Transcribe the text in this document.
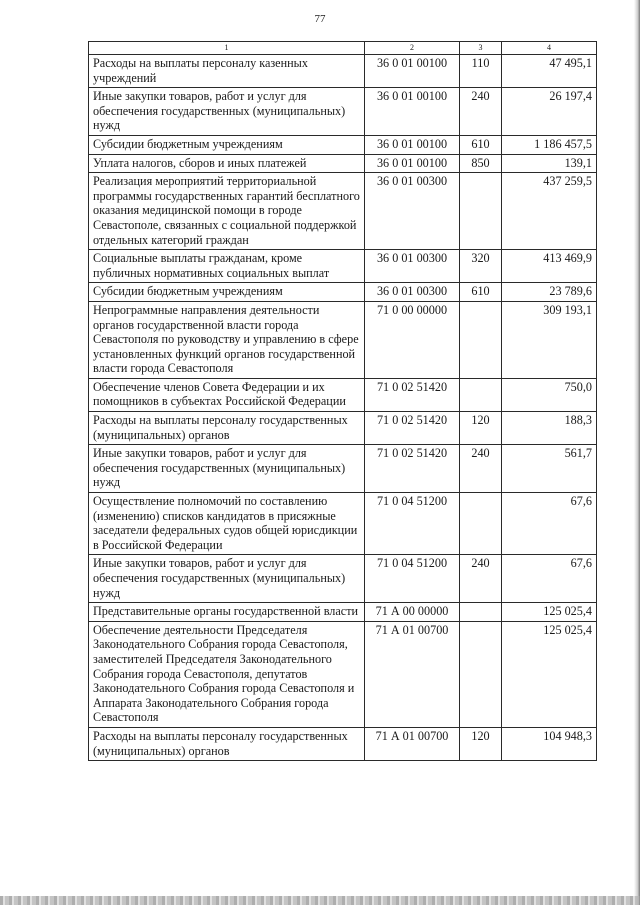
77
1	2	3	4
Расходы на выплаты персоналу казенных учреждений	36 0 01 00100	110	47 495,1
Иные закупки товаров, работ и услуг для обеспечения государственных (муниципальных) нужд	36 0 01 00100	240	26 197,4
Субсидии бюджетным учреждениям	36 0 01 00100	610	1 186 457,5
Уплата налогов, сборов и иных платежей	36 0 01 00100	850	139,1
Реализация мероприятий территориальной программы государственных гарантий бесплатного оказания медицинской помощи в городе Севастополе, связанных с социальной поддержкой отдельных категорий граждан	36 0 01 00300		437 259,5
Социальные выплаты гражданам, кроме публичных нормативных социальных выплат	36 0 01 00300	320	413 469,9
Субсидии бюджетным учреждениям	36 0 01 00300	610	23 789,6
Непрограммные направления деятельности органов государственной власти города Севастополя по руководству и управлению в сфере установленных функций органов государственной власти города Севастополя	71 0 00 00000		309 193,1
Обеспечение членов Совета Федерации и их помощников в субъектах Российской Федерации	71 0 02 51420		750,0
Расходы на выплаты персоналу государственных (муниципальных) органов	71 0 02 51420	120	188,3
Иные закупки товаров, работ и услуг для обеспечения государственных (муниципальных) нужд	71 0 02 51420	240	561,7
Осуществление полномочий по составлению (изменению) списков кандидатов в присяжные заседатели федеральных судов общей юрисдикции в Российской Федерации	71 0 04 51200		67,6
Иные закупки товаров, работ и услуг для обеспечения государственных (муниципальных) нужд	71 0 04 51200	240	67,6
Представительные органы государственной власти	71 А 00 00000		125 025,4
Обеспечение деятельности Председателя Законодательного Собрания города Севастополя, заместителей Председателя Законодательного Собрания города Севастополя, депутатов Законодательного Собрания города Севастополя и Аппарата Законодательного Собрания города Севастополя	71 А 01 00700		125 025,4
Расходы на выплаты персоналу государственных (муниципальных) органов	71 А 01 00700	120	104 948,3
